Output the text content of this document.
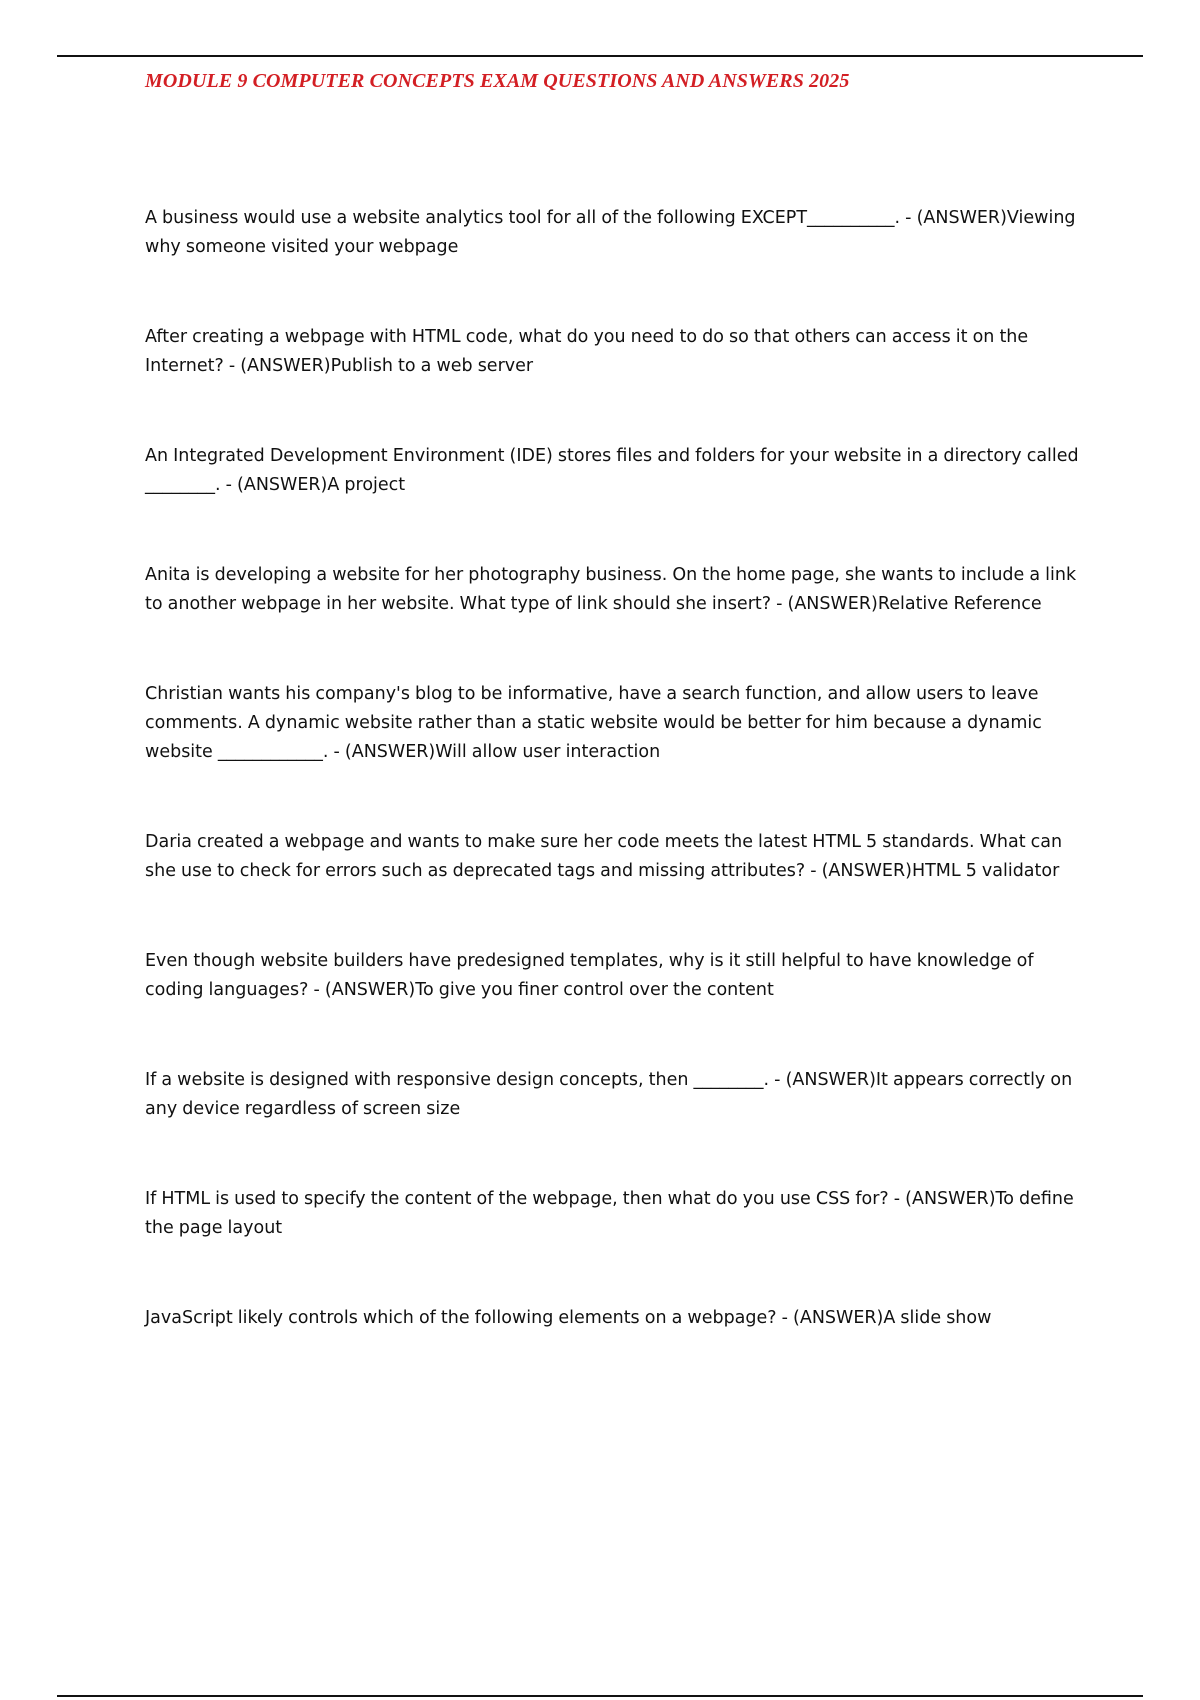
MODULE 9 COMPUTER CONCEPTS EXAM QUESTIONS AND ANSWERS 2025
A business would use a website analytics tool for all of the following EXCEPT__________. - (ANSWER)Viewing why someone visited your webpage
After creating a webpage with HTML code, what do you need to do so that others can access it on the Internet? - (ANSWER)Publish to a web server
An Integrated Development Environment (IDE) stores files and folders for your website in a directory called ________. - (ANSWER)A project
Anita is developing a website for her photography business. On the home page, she wants to include a link to another webpage in her website. What type of link should she insert? - (ANSWER)Relative Reference
Christian wants his company's blog to be informative, have a search function, and allow users to leave comments. A dynamic website rather than a static website would be better for him because a dynamic website ____________. - (ANSWER)Will allow user interaction
Daria created a webpage and wants to make sure her code meets the latest HTML 5 standards. What can she use to check for errors such as deprecated tags and missing attributes? - (ANSWER)HTML 5 validator
Even though website builders have predesigned templates, why is it still helpful to have knowledge of coding languages? - (ANSWER)To give you finer control over the content
If a website is designed with responsive design concepts, then ________. - (ANSWER)It appears correctly on any device regardless of screen size
If HTML is used to specify the content of the webpage, then what do you use CSS for? - (ANSWER)To define the page layout
JavaScript likely controls which of the following elements on a webpage? - (ANSWER)A slide show
